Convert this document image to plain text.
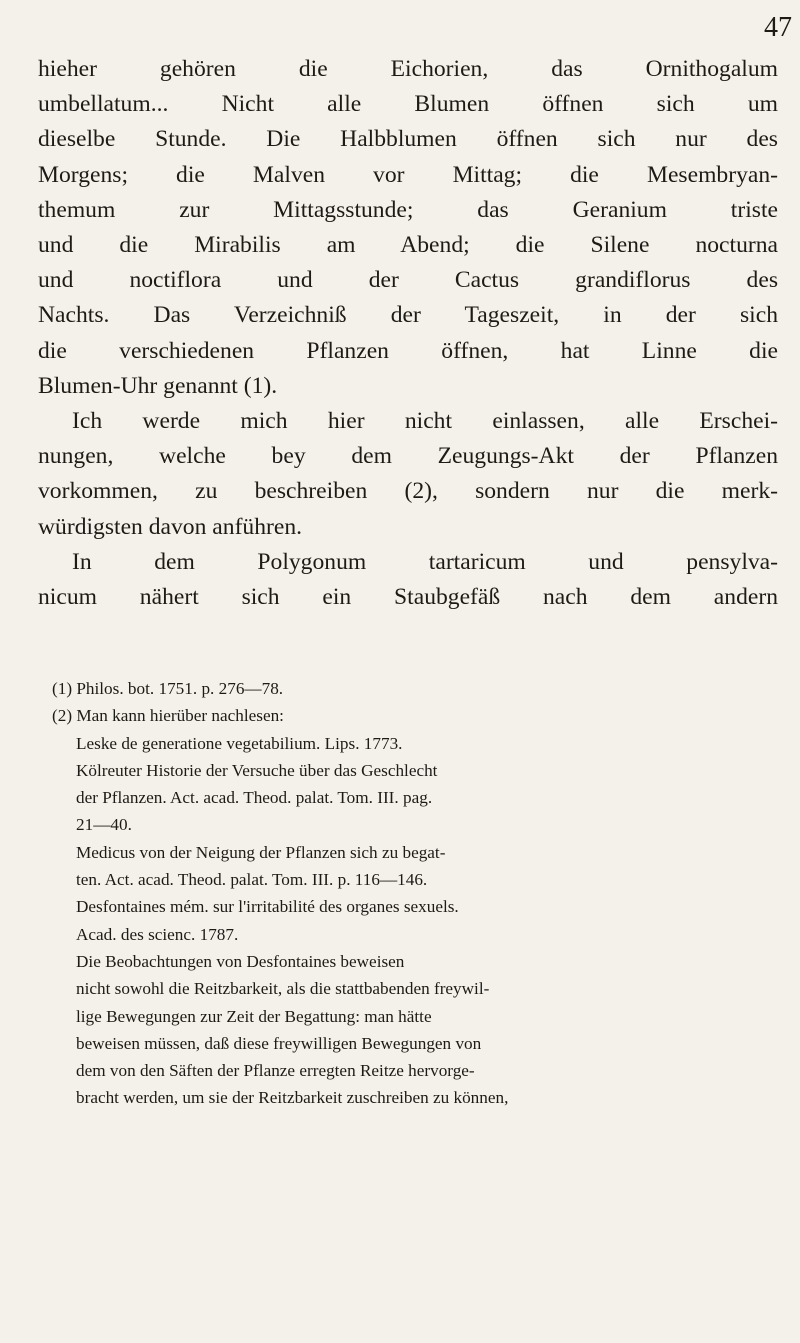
47
hieher gehören die Eichorien, das Ornithogalum
umbellatum... Nicht alle Blumen öffnen sich um
dieselbe Stunde. Die Halbblumen öffnen sich nur des
Morgens; die Malven vor Mittag; die Mesembryan-
themum zur Mittagsstunde; das Geranium triste
und die Mirabilis am Abend; die Silene nocturna
und noctiflora und der Cactus grandiflorus des
Nachts. Das Verzeichniß der Tageszeit, in der sich
die verschiedenen Pflanzen öffnen, hat Linne die
Blumen-Uhr genannt (1).
Ich werde mich hier nicht einlassen, alle Erschei-
nungen, welche bey dem Zeugungs-Akt der Pflanzen
vorkommen, zu beschreiben (2), sondern nur die merk-
würdigsten davon anführen.
In dem Polygonum tartaricum und pensylva-
nicum nähert sich ein Staubgefäß nach dem andern
(1) Philos. bot. 1751. p. 276—78.
(2) Man kann hierüber nachlesen:
Leske de generatione vegetabilium. Lips. 1773.
Kölreuter Historie der Versuche über das Geschlecht
der Pflanzen. Act. acad. Theod. palat. Tom. III. pag.
21—40.
Medicus von der Neigung der Pflanzen sich zu begat-
ten. Act. acad. Theod. palat. Tom. III. p. 116—146.
Desfontaines mém. sur l'irritabilité des organes sexuels.
Acad. des scienc. 1787.
Die Beobachtungen von Desfontaines beweisen
nicht sowohl die Reitzbarkeit, als die stattbabenden freywil-
lige Bewegungen zur Zeit der Begattung: man hätte
beweisen müssen, daß diese freywilligen Bewegungen von
dem von den Säften der Pflanze erregten Reitze hervorge-
bracht werden, um sie der Reitzbarkeit zuschreiben zu können,
